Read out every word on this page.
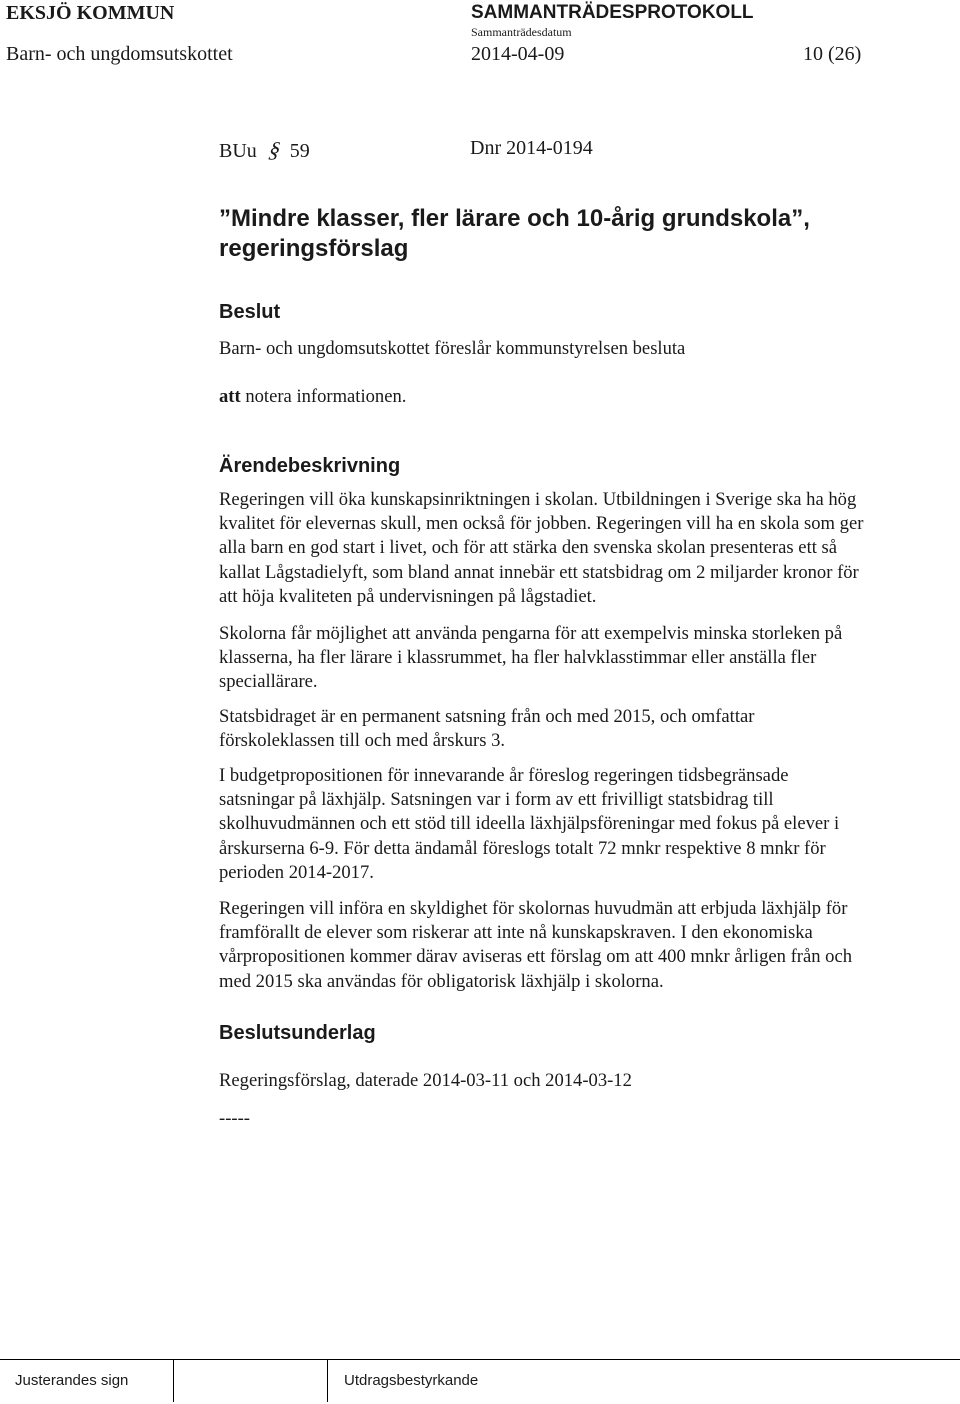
EKSJÖ KOMMUN	SAMMANTRÄDESPROTOKOLL
Sammanträdesdatum
Barn- och ungdomsutskottet	2014-04-09	10 (26)
BUu § 59	Dnr 2014-0194
”Mindre klasser, fler lärare och 10-årig grundskola”,
regeringsförslag
Beslut
Barn- och ungdomsutskottet föreslår kommunstyrelsen besluta
att notera informationen.
Ärendebeskrivning
Regeringen vill öka kunskapsinriktningen i skolan. Utbildningen i Sverige ska ha hög
kvalitet för elevernas skull, men också för jobben. Regeringen vill ha en skola som ger
alla barn en god start i livet, och för att stärka den svenska skolan presenteras ett så
kallat Lågstadielyft, som bland annat innebär ett statsbidrag om 2 miljarder kronor för
att höja kvaliteten på undervisningen på lågstadiet.
Skolorna får möjlighet att använda pengarna för att exempelvis minska storleken på
klasserna, ha fler lärare i klassrummet, ha fler halvklasstimmar eller anställa fler
speciallärare.
Statsbidraget är en permanent satsning från och med 2015, och omfattar
förskoleklassen till och med årskurs 3.
I budgetpropositionen för innevarande år föreslog regeringen tidsbegränsade
satsningar på läxhjälp. Satsningen var i form av ett frivilligt statsbidrag till
skolhuvudmännen och ett stöd till ideella läxhjälpsföreningar med fokus på elever i
årskurserna 6-9. För detta ändamål föreslogs totalt 72 mnkr respektive 8 mnkr för
perioden 2014-2017.
Regeringen vill införa en skyldighet för skolornas huvudmän att erbjuda läxhjälp för
framförallt de elever som riskerar att inte nå kunskapskraven. I den ekonomiska
vårpropositionen kommer därav aviseras ett förslag om att 400 mnkr årligen från och
med 2015 ska användas för obligatorisk läxhjälp i skolorna.
Beslutsunderlag
Regeringsförslag, daterade 2014-03-11 och 2014-03-12
-----
Justerandes sign	Utdragsbestyrkande
